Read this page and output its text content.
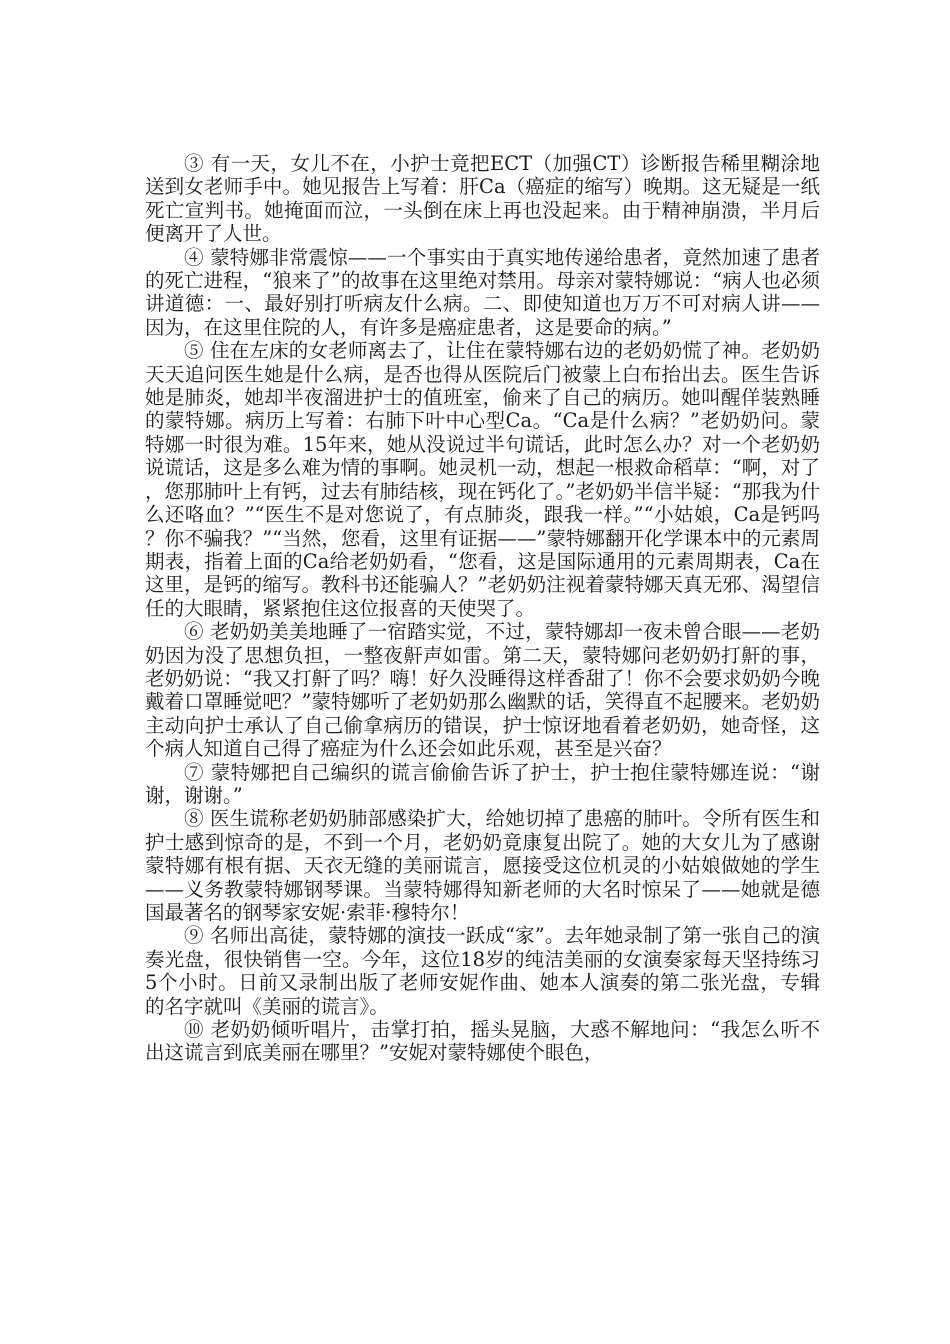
③ 有一天，女儿不在，小护士竟把ECT（加强CT）诊断报告稀里糊涂地送到女老师手中。她见报告上写着：肝Ca（癌症的缩写）晚期。这无疑是一纸死亡宣判书。她掩面而泣，一头倒在床上再也没起来。由于精神崩溃，半月后便离开了人世。

④ 蒙特娜非常震惊——一个事实由于真实地传递给患者，竟然加速了患者的死亡进程，“狼来了”的故事在这里绝对禁用。母亲对蒙特娜说：“病人也必须讲道德：一、最好别打听病友什么病。二、即使知道也万万不可对病人讲——因为，在这里住院的人，有许多是癌症患者，这是要命的病。”

⑤ 住在左床的女老师离去了，让住在蒙特娜右边的老奶奶慌了神。老奶奶天天追问医生她是什么病，是否也得从医院后门被蒙上白布抬出去。医生告诉她是肺炎，她却半夜溜进护士的值班室，偷来了自己的病历。她叫醒佯装熟睡的蒙特娜。病历上写着：右肺下叶中心型Ca。“Ca是什么病？”老奶奶问。蒙特娜一时很为难。15年来，她从没说过半句谎话，此时怎么办？对一个老奶奶说谎话，这是多么难为情的事啊。她灵机一动，想起一根救命稻草：“啊，对了，您那肺叶上有钙，过去有肺结核，现在钙化了。”老奶奶半信半疑：“那我为什么还咯血？”“医生不是对您说了，有点肺炎，跟我一样。”“小姑娘，Ca是钙吗？你不骗我？”“当然，您看，这里有证据——”蒙特娜翻开化学课本中的元素周期表，指着上面的Ca给老奶奶看，“您看，这是国际通用的元素周期表，Ca在这里，是钙的缩写。教科书还能骗人？”老奶奶注视着蒙特娜天真无邪、渴望信任的大眼睛，紧紧抱住这位报喜的天使哭了。

⑥ 老奶奶美美地睡了一宿踏实觉，不过，蒙特娜却一夜未曾合眼——老奶奶因为没了思想负担，一整夜鼾声如雷。第二天，蒙特娜问老奶奶打鼾的事，老奶奶说：“我又打鼾了吗？嗨！好久没睡得这样香甜了！你不会要求奶奶今晚戴着口罩睡觉吧？”蒙特娜听了老奶奶那么幽默的话，笑得直不起腰来。老奶奶主动向护士承认了自己偷拿病历的错误，护士惊讶地看着老奶奶，她奇怪，这个病人知道自己得了癌症为什么还会如此乐观，甚至是兴奋？

⑦ 蒙特娜把自己编织的谎言偷偷告诉了护士，护士抱住蒙特娜连说：“谢谢，谢谢。”

⑧ 医生谎称老奶奶肺部感染扩大，给她切掉了患癌的肺叶。令所有医生和护士感到惊奇的是，不到一个月，老奶奶竟康复出院了。她的大女儿为了感谢蒙特娜有根有据、天衣无缝的美丽谎言，愿接受这位机灵的小姑娘做她的学生——义务教蒙特娜钢琴课。当蒙特娜得知新老师的大名时惊呆了——她就是德国最著名的钢琴家安妮·索菲·穆特尔！

⑨ 名师出高徒，蒙特娜的演技一跃成“家”。去年她录制了第一张自己的演奏光盘，很快销售一空。今年，这位18岁的纯洁美丽的女演奏家每天坚持练习5个小时。日前又录制出版了老师安妮作曲、她本人演奏的第二张光盘，专辑的名字就叫《美丽的谎言》。

⑩ 老奶奶倾听唱片，击掌打拍，摇头晃脑，大惑不解地问：“我怎么听不出这谎言到底美丽在哪里？”安妮对蒙特娜使个眼色，
